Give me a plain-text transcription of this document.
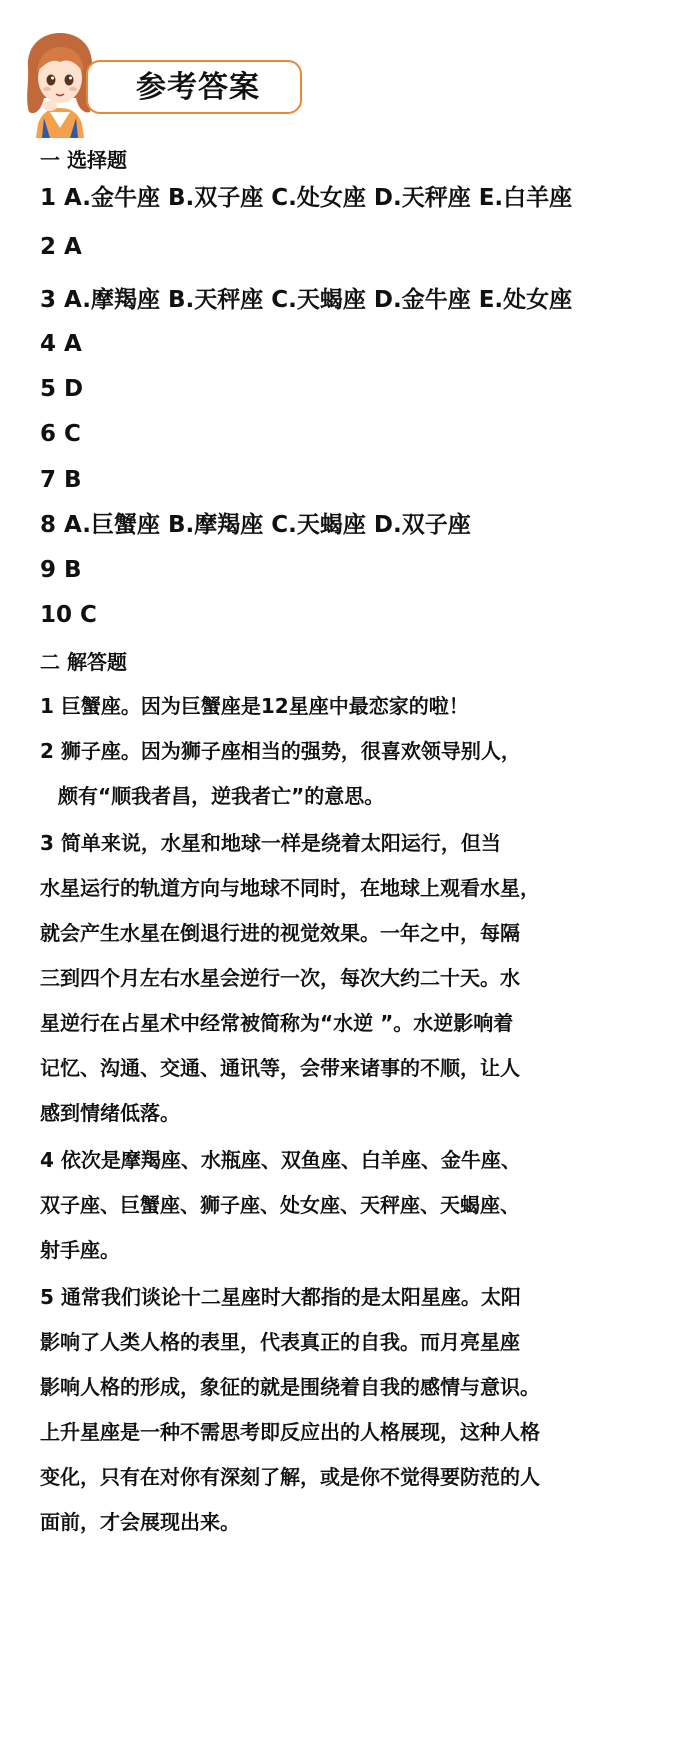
参考答案
一 选择题
1 A.金牛座 B.双子座 C.处女座 D.天秤座 E.白羊座
2 A
3 A.摩羯座 B.天秤座 C.天蝎座 D.金牛座 E.处女座
4 A
5 D
6 C
7 B
8 A.巨蟹座 B.摩羯座 C.天蝎座 D.双子座
9 B
10 C
二 解答题
1 巨蟹座。因为巨蟹座是12星座中最恋家的啦！
2 狮子座。因为狮子座相当的强势，很喜欢领导别人，
颇有“顺我者昌，逆我者亡”的意思。
3 简单来说，水星和地球一样是绕着太阳运行，但当
水星运行的轨道方向与地球不同时，在地球上观看水星，
就会产生水星在倒退行进的视觉效果。一年之中，每隔
三到四个月左右水星会逆行一次，每次大约二十天。水
星逆行在占星术中经常被简称为“水逆 ”。水逆影响着
记忆、沟通、交通、通讯等，会带来诸事的不顺，让人
感到情绪低落。
4 依次是摩羯座、水瓶座、双鱼座、白羊座、金牛座、
双子座、巨蟹座、狮子座、处女座、天秤座、天蝎座、
射手座。
5 通常我们谈论十二星座时大都指的是太阳星座。太阳
影响了人类人格的表里，代表真正的自我。而月亮星座
影响人格的形成，象征的就是围绕着自我的感情与意识。
上升星座是一种不需思考即反应出的人格展现，这种人格
变化，只有在对你有深刻了解，或是你不觉得要防范的人
面前，才会展现出来。
